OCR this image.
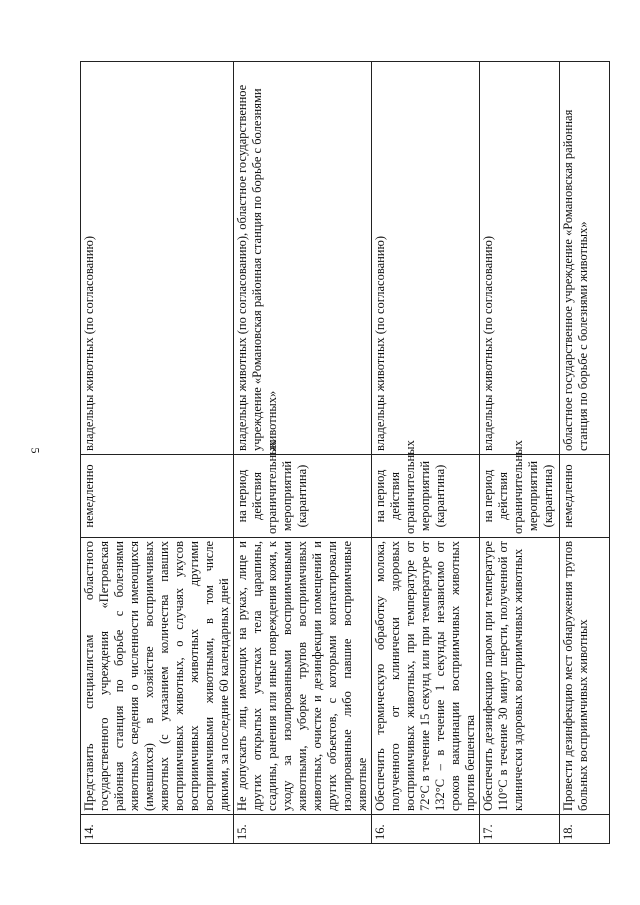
5
14.	Представить специалистам областного государственного учреждения «Петровская районная станция по борьбе с болезнями животных» сведения о численности имеющихся (имевшихся) в хозяйстве восприимчивых животных (с указанием количества павших восприимчивых животных, о случаях укусов восприимчивых животных другими восприимчивыми животными, в том числе дикими, за последние 60 календарных дней	немедленно	владельцы животных (по согласованию)
15.	Не допускать лиц, имеющих на руках, лице и других открытых участках тела царапины, ссадины, ранения или иные повреждения кожи, к уходу за изолированными восприимчивыми животными, уборке трупов восприимчивых животных, очистке и дезинфекции помещений и других объектов, с которыми контактировали изолированные либо павшие восприимчивые животные	на период действия ограничительных мероприятий (карантина)	владельцы животных (по согласованию), областное государственное учреждение «Романовская районная станция по борьбе с болезнями животных»
16.	Обеспечить термическую обработку молока, полученного от клинически здоровых восприимчивых животных, при температуре от 72°С в течение 15 секунд или при температуре от 132°С – в течение 1 секунды независимо от сроков вакцинации восприимчивых животных против бешенства	на период действия ограничительных мероприятий (карантина)	владельцы животных (по согласованию)
17.	Обеспечить дезинфекцию паром при температуре 110°С в течение 30 минут шерсти, полученной от клинически здоровых восприимчивых животных	на период действия ограничительных мероприятий (карантина)	владельцы животных (по согласованию)
18.	Провести дезинфекцию мест обнаружения трупов больных восприимчивых животных	немедленно	областное государственное учреждение «Романовская районная станция по борьбе с болезнями животных»
